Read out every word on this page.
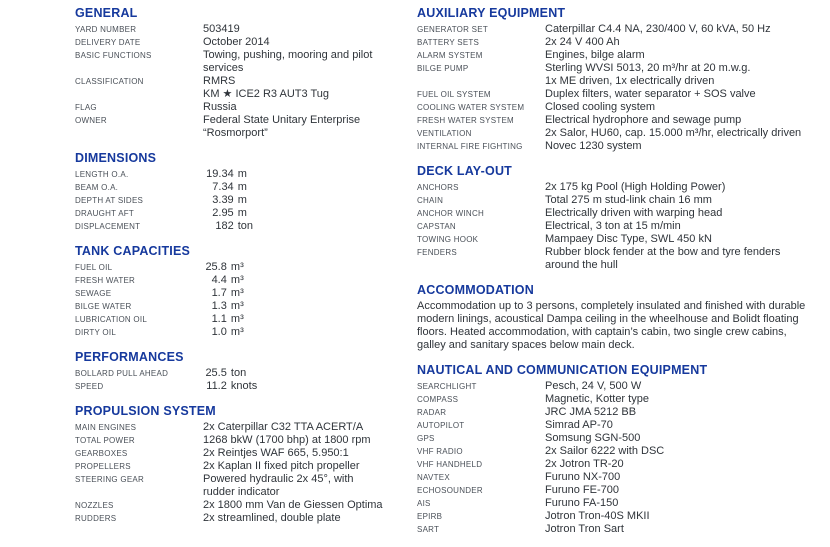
GENERAL
YARD NUMBER	503419
DELIVERY DATE	October 2014
BASIC FUNCTIONS	Towing, pushing, mooring and pilot
services
CLASSIFICATION	RMRS
KM ★ ICE2 R3 AUT3 Tug
FLAG	Russia
OWNER	Federal State Unitary Enterprise
“Rosmorport”
DIMENSIONS
LENGTH O.A.	19.34 m
BEAM O.A.	7.34 m
DEPTH AT SIDES	3.39 m
DRAUGHT AFT	2.95 m
DISPLACEMENT	182 ton
TANK CAPACITIES
FUEL OIL	25.8 m³
FRESH WATER	4.4 m³
SEWAGE	1.7 m³
BILGE WATER	1.3 m³
LUBRICATION OIL	1.1 m³
DIRTY OIL	1.0 m³
PERFORMANCES
BOLLARD PULL AHEAD	25.5 ton
SPEED	11.2 knots
PROPULSION SYSTEM
MAIN ENGINES	2x Caterpillar C32 TTA ACERT/A
TOTAL POWER	1268 bkW (1700 bhp) at 1800 rpm
GEARBOXES	2x Reintjes WAF 665, 5.950:1
PROPELLERS	2x Kaplan II fixed pitch propeller
STEERING GEAR	Powered hydraulic 2x 45°, with
rudder indicator
NOZZLES	2x 1800 mm Van de Giessen Optima
RUDDERS	2x streamlined, double plate
AUXILIARY EQUIPMENT
GENERATOR SET	Caterpillar C4.4 NA, 230/400 V, 60 kVA, 50 Hz
BATTERY SETS	2x 24 V 400 Ah
ALARM SYSTEM	Engines, bilge alarm
BILGE PUMP	Sterling WVSI 5013, 20 m³/hr at 20 m.w.g.
1x ME driven, 1x electrically driven
FUEL OIL SYSTEM	Duplex filters, water separator + SOS valve
COOLING WATER SYSTEM	Closed cooling system
FRESH WATER SYSTEM	Electrical hydrophore and sewage pump
VENTILATION	2x Salor, HU60, cap. 15.000 m³/hr, electrically driven
INTERNAL FIRE FIGHTING	Novec 1230 system
DECK LAY-OUT
ANCHORS	2x 175 kg Pool (High Holding Power)
CHAIN	Total 275 m stud-link chain 16 mm
ANCHOR WINCH	Electrically driven with warping head
CAPSTAN	Electrical, 3 ton at 15 m/min
TOWING HOOK	Mampaey Disc Type, SWL 450 kN
FENDERS	Rubber block fender at the bow and tyre fenders
around the hull
ACCOMMODATION
Accommodation up to 3 persons, completely insulated and finished with durable
modern linings, acoustical Dampa ceiling in the wheelhouse and Bolidt floating
floors. Heated accommodation, with captain’s cabin, two single crew cabins,
galley and sanitary spaces below main deck.
NAUTICAL AND COMMUNICATION EQUIPMENT
SEARCHLIGHT	Pesch, 24 V, 500 W
COMPASS	Magnetic, Kotter type
RADAR	JRC JMA 5212 BB
AUTOPILOT	Simrad AP-70
GPS	Somsung SGN-500
VHF RADIO	2x Sailor 6222 with DSC
VHF HANDHELD	2x Jotron TR-20
NAVTEX	Furuno NX-700
ECHOSOUNDER	Furuno FE-700
AIS	Furuno FA-150
EPIRB	Jotron Tron-40S MKII
SART	Jotron Tron Sart
